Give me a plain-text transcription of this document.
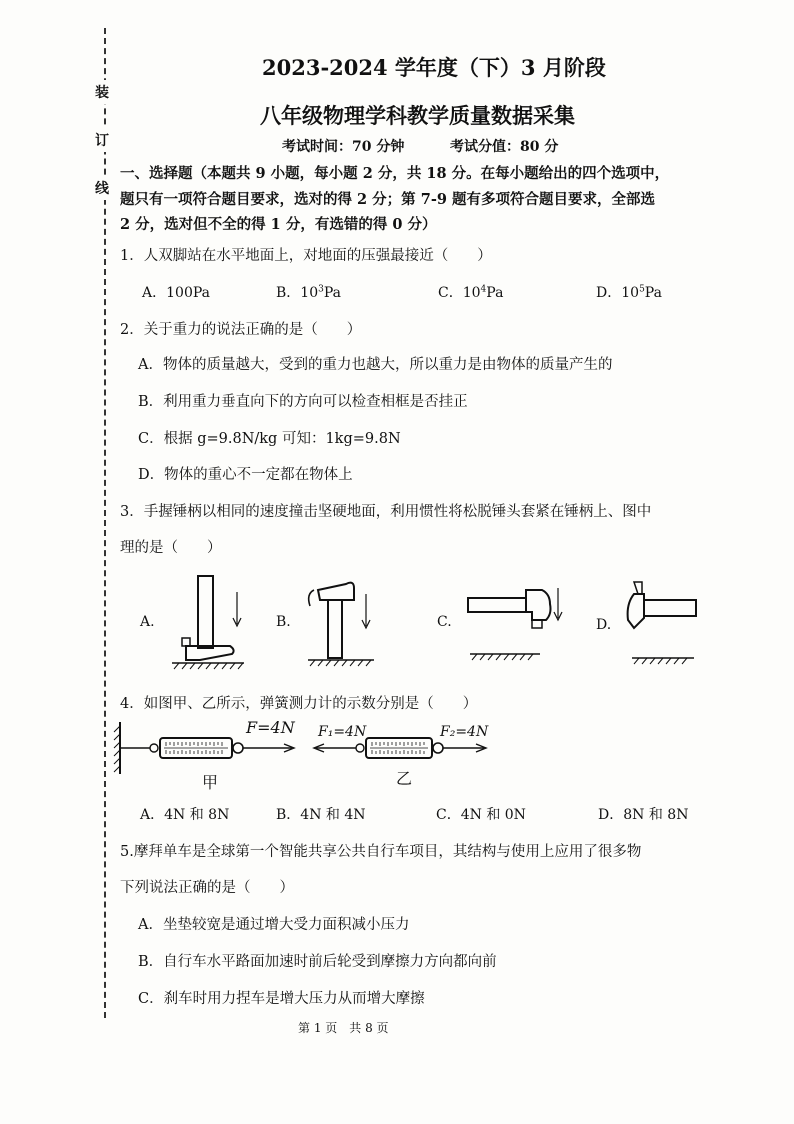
装
订
线
2023-2024 学年度（下）3 月阶段
八年级物理学科教学质量数据采集
考试时间：70 分钟	考试分值：80 分
一、选择题（本题共 9 小题，每小题 2 分，共 18 分。在每小题给出的四个选项中，
题只有一项符合题目要求，选对的得 2 分；第 7-9 题有多项符合题目要求，全部选
2 分，选对但不全的得 1 分，有选错的得 0 分）
1．人双脚站在水平地面上，对地面的压强最接近（　　）
A．100Pa	B．$10^3Pa$	C．$10^4Pa$	D．$10^5Pa$
2．关于重力的说法正确的是（　　）
A．物体的质量越大，受到的重力也越大，所以重力是由物体的质量产生的
B．利用重力垂直向下的方向可以检查相框是否挂正
C．根据 g=9.8N/kg 可知：1kg=9.8N
D．物体的重心不一定都在物体上
3．手握锤柄以相同的速度撞击坚硬地面，利用惯性将松脱锤头套紧在锤柄上、图中
理的是（　　）
A.	B.	C.	D.
4．如图甲、乙所示，弹簧测力计的示数分别是（　　）
F=4N
甲
F₁=4N	F₂=4N
乙
A．4N 和 8N	B．4N 和 4N	C．4N 和 0N	D．8N 和 8N
5.摩拜单车是全球第一个智能共享公共自行车项目，其结构与使用上应用了很多物
下列说法正确的是（　　）
A．坐垫较宽是通过增大受力面积减小压力
B．自行车水平路面加速时前后轮受到摩擦力方向都向前
C．刹车时用力捏车是增大压力从而增大摩擦
第 1 页　共 8 页
